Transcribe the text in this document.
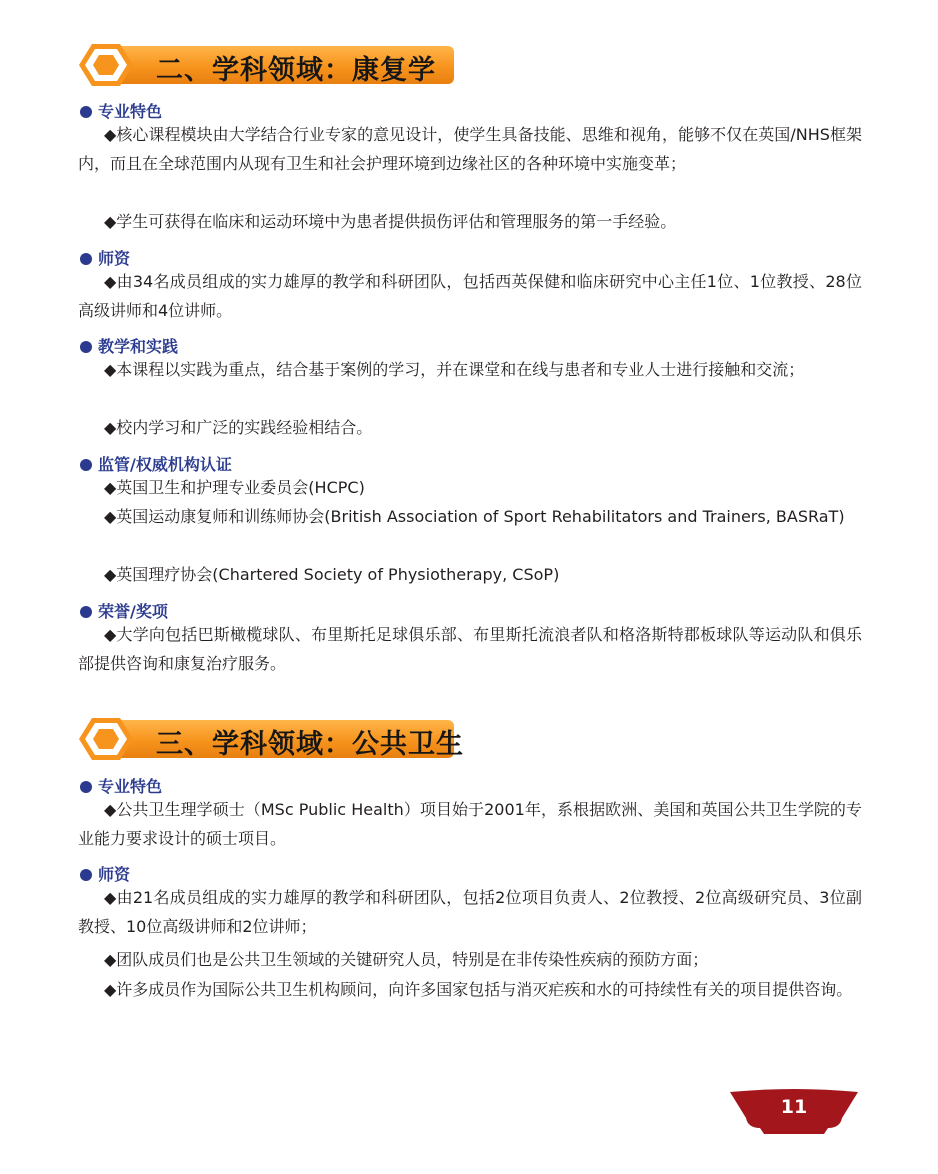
二、学科领域：康复学
专业特色
◆核心课程模块由大学结合行业专家的意见设计，使学生具备技能、思维和视角，能够不仅在英国/NHS框架内，而且在全球范围内从现有卫生和社会护理环境到边缘社区的各种环境中实施变革；
◆学生可获得在临床和运动环境中为患者提供损伤评估和管理服务的第一手经验。
师资
◆由34名成员组成的实力雄厚的教学和科研团队，包括西英保健和临床研究中心主任1位、1位教授、28位高级讲师和4位讲师。
教学和实践
◆本课程以实践为重点，结合基于案例的学习，并在课堂和在线与患者和专业人士进行接触和交流；
◆校内学习和广泛的实践经验相结合。
监管/权威机构认证
◆英国卫生和护理专业委员会(HCPC)
◆英国运动康复师和训练师协会(British Association of Sport Rehabilitators and Trainers, BASRaT)
◆英国理疗协会(Chartered Society of Physiotherapy, CSoP)
荣誉/奖项
◆大学向包括巴斯橄榄球队、布里斯托足球俱乐部、布里斯托流浪者队和格洛斯特郡板球队等运动队和俱乐部提供咨询和康复治疗服务。
三、学科领域：公共卫生
专业特色
◆公共卫生理学硕士（MSc Public Health）项目始于2001年，系根据欧洲、美国和英国公共卫生学院的专业能力要求设计的硕士项目。
师资
◆由21名成员组成的实力雄厚的教学和科研团队，包括2位项目负责人、2位教授、2位高级研究员、3位副教授、10位高级讲师和2位讲师；
◆团队成员们也是公共卫生领域的关键研究人员，特别是在非传染性疾病的预防方面；
◆许多成员作为国际公共卫生机构顾问，向许多国家包括与消灭疟疾和水的可持续性有关的项目提供咨询。
11
